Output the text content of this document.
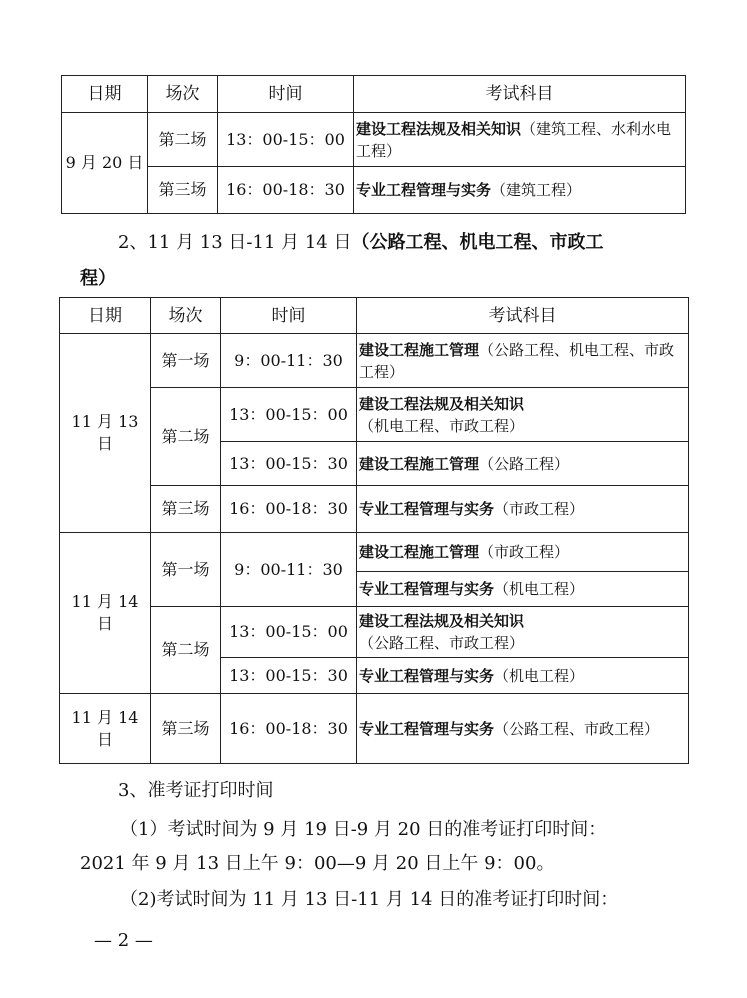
日期	场次	时间	考试科目
9 月 20 日	第二场	13：00-15：00	建设工程法规及相关知识（建筑工程、水利水电工程）
	第三场	16：00-18：30	专业工程管理与实务（建筑工程）
2、11 月 13 日-11 月 14 日（公路工程、机电工程、市政工
程）
日期	场次	时间	考试科目
11 月 13 日	第一场	9：00-11：30	建设工程施工管理（公路工程、机电工程、市政工程）
	第二场	13：00-15：00	建设工程法规及相关知识（机电工程、市政工程）
		13：00-15：30	建设工程施工管理（公路工程）
	第三场	16：00-18：30	专业工程管理与实务（市政工程）
11 月 14 日	第一场	9：00-11：30	建设工程施工管理（市政工程）
			专业工程管理与实务（机电工程）
	第二场	13：00-15：00	建设工程法规及相关知识（公路工程、市政工程）
		13：00-15：30	专业工程管理与实务（机电工程）
11 月 14 日	第三场	16：00-18：30	专业工程管理与实务（公路工程、市政工程）
3、准考证打印时间
（1）考试时间为 9 月 19 日-9 月 20 日的准考证打印时间：
2021 年 9 月 13 日上午 9：00—9 月 20 日上午 9：00。
（2)考试时间为 11 月 13 日-11 月 14 日的准考证打印时间：
— 2 —
